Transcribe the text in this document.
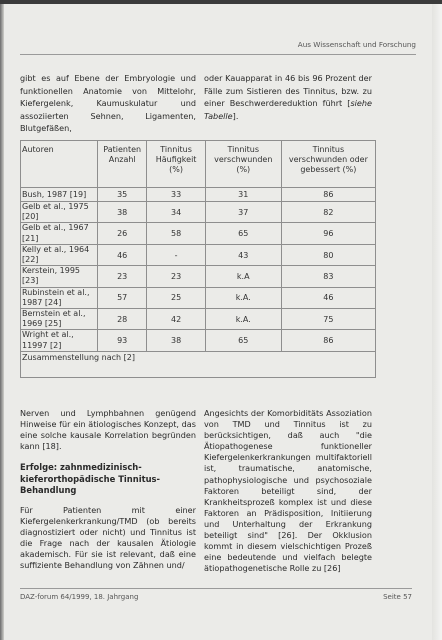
Aus Wissenschaft und Forschung

gibt es auf Ebene der Embryologie und funktionellen Anatomie von Mittelohr, Kiefergelenk, Kaumuskulatur und assoziierten Sehnen, Ligamenten, Blutgefäßen,

oder Kauapparat in 46 bis 96 Prozent der Fälle zum Sistieren des Tinnitus, bzw. zu einer Beschwerdereduktion führt [siehe Tabelle].

Autoren	Patienten Anzahl	Tinnitus Häufigkeit (%)	Tinnitus verschwunden (%)	Tinnitus verschwunden oder gebessert (%)
Bush, 1987 [19]	35	33	31	86
Gelb et al., 1975 [20]	38	34	37	82
Gelb et al., 1967 [21]	26	58	65	96
Kelly et al., 1964 [22]	46	-	43	80
Kerstein, 1995 [23]	23	23	k.A	83
Rubinstein et al., 1987 [24]	57	25	k.A.	46
Bernstein et al., 1969 [25]	28	42	k.A.	75
Wright et al., 11997 [2]	93	38	65	86
Zusammenstellung nach [2]				

Nerven und Lymphbahnen genügend Hinweise für ein ätiologisches Konzept, das eine solche kausale Korrelation begründen kann [18].

Erfolge: zahnmedizinisch-kieferorthopädische Tinnitus-Behandlung

Für Patienten mit einer Kiefergelenkerkrankung/TMD (ob bereits diagnostiziert oder nicht) und Tinnitus ist die Frage nach der kausalen Ätiologie akademisch. Für sie ist relevant, daß eine suffiziente Behandlung von Zähnen und/

Angesichts der Komorbiditäts Assoziation von TMD und Tinnitus ist zu berücksichtigen, daß auch "die Ätiopathogenese funktioneller Kiefergelenkerkrankungen multifaktoriell ist, traumatische, anatomische, pathophysiologische und psychosoziale Faktoren beteiligt sind, der Krankheitsprozeß komplex ist und diese Faktoren an Prädisposition, Initiierung und Unterhaltung der Erkrankung beteiligt sind" [26]. Der Okklusion kommt in diesem vielschichtigen Prozeß eine bedeutende und vielfach belegte ätiopathogenetische Rolle zu [26]

DAZ-forum 64/1999, 18. Jahrgang	Seite 57
